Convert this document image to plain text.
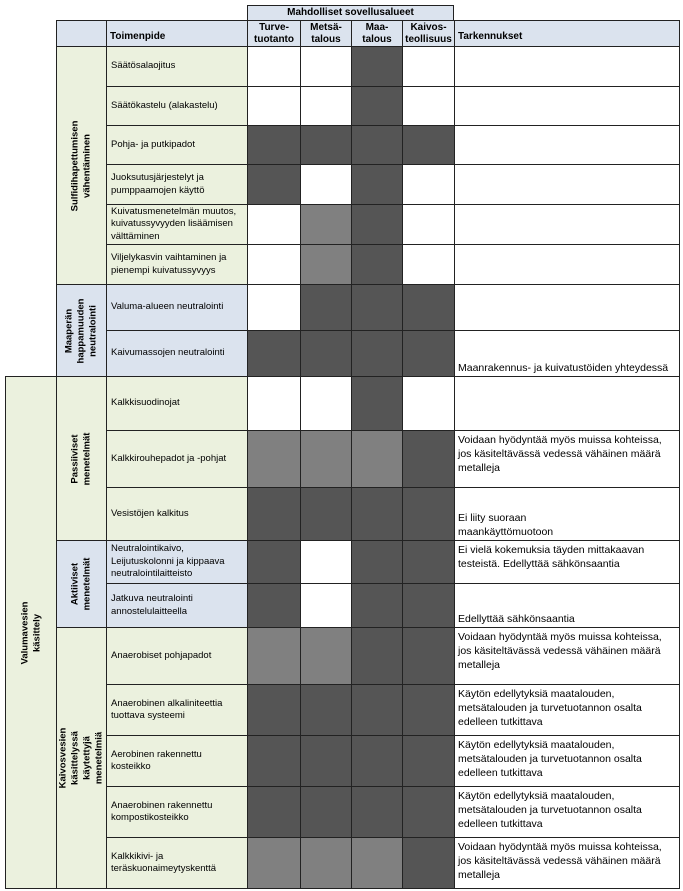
Mahdolliset sovellusalueet
Toimenpide
Turve-
tuotanto
Metsä-
talous
Maa-
talous
Kaivos-
teollisuus Tarkennukset
Valumavesien käsittely
Sulfidihapettumisen vähentäminen
Maaperän
happamuuden
neutralointi
Passiiviset menetelmät
Aktiiviset
menetelmät
Kaivosvesien käsittelyssä käytettyjä menetelmiä
Säätösalaojitus
Säätökastelu (alakastelu)
Pohja- ja putkipadot
Juoksutusjärjestelyt ja
pumppaamojen käyttö
Kuivatusmenetelmän muutos,
kuivatussyvyyden lisäämisen
välttäminen
Viljelykasvin vaihtaminen ja
pienempi kuivatussyvyys
Valuma-alueen neutralointi
Kaivumassojen neutralointi
Maanrakennus- ja kuivatustöiden yhteydessä
Kalkkisuodinojat
Kalkkirouhepadot ja -pohjat
Voidaan hyödyntää myös muissa kohteissa,
jos käsiteltävässä vedessä vähäinen määrä
metalleja
Vesistöjen kalkitus	Ei liity suoraan
maankäyttömuotoon
Neutralointikaivo,
Leijutuskolonni ja kippaava
neutralointilaitteisto
Ei vielä kokemuksia täyden mittakaavan
testeistä. Edellyttää sähkönsaantia
Jatkuva neutralointi
annostelulaitteella
Edellyttää sähkönsaantia
Anaerobiset pohjapadot
Voidaan hyödyntää myös muissa kohteissa,
jos käsiteltävässä vedessä vähäinen määrä
metalleja
Anaerobinen alkaliniteettia
tuottava systeemi
Käytön edellytyksiä maatalouden,
metsätalouden ja turvetuotannon osalta
edelleen tutkittava
Aerobinen rakennettu
kosteikko
Käytön edellytyksiä maatalouden,
metsätalouden ja turvetuotannon osalta
edelleen tutkittava
Anaerobinen rakennettu
kompostikosteikko
Käytön edellytyksiä maatalouden,
metsätalouden ja turvetuotannon osalta
edelleen tutkittava
Kalkkikivi- ja
teräskuonaimeytyskenttä
Voidaan hyödyntää myös muissa kohteissa,
jos käsiteltävässä vedessä vähäinen määrä
metalleja
